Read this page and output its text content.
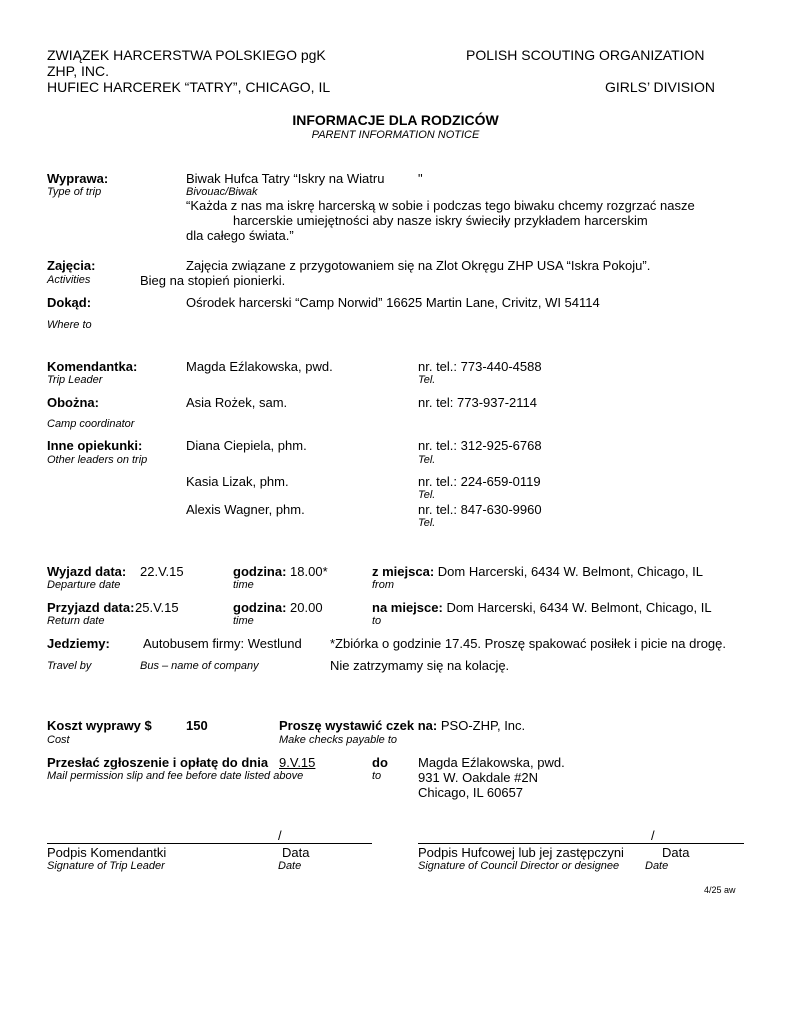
ZWIĄZEK HARCERSTWA POLSKIEGO pgK
ZHP, INC.
HUFIEC HARCEREK “TATRY”, CHICAGO, IL
POLISH SCOUTING ORGANIZATION
GIRLS’ DIVISION
INFORMACJE DLA RODZICÓW
PARENT INFORMATION NOTICE
Wyprawa:
Type of trip
Biwak Hufca Tatry “Iskry na Wiatru	"
Bivouac/Biwak
“Każda z nas ma iskrę harcerską w sobie i podczas tego biwaku chcemy rozgrzać nasze
harcerskie umiejętności aby nasze iskry świeciły przykładem harcerskim
dla całego świata.”
Zajęcia:
Activities
Zajęcia związane z przygotowaniem się na Zlot Okręgu ZHP USA “Iskra Pokoju”.
Bieg na stopień pionierki.
Dokąd:
Where to
Ośrodek harcerski “Camp Norwid” 16625 Martin Lane, Crivitz, WI 54114
Komendantka:
Trip Leader
Magda Eźlakowska, pwd.	nr. tel.: 773-440-4588
Tel.
Obożna:
Camp coordinator
Asia Rożek, sam.	nr. tel: 773-937-2114
Inne opiekunki:
Other leaders on trip
Diana Ciepiela, phm.	nr. tel.: 312-925-6768
Tel.
Kasia Lizak, phm.	nr. tel.: 224-659-0119
Tel.
Alexis Wagner, phm.	nr. tel.: 847-630-9960
Tel.
Wyjazd data:
Departure date
22.V.15	godzina: 18.00*
time
z miejsca: Dom Harcerski, 6434 W. Belmont, Chicago, IL
from
Przyjazd data:
Return date
25.V.15	godzina: 20.00
time
na miejsce: Dom Harcerski, 6434 W. Belmont, Chicago, IL
to
Jedziemy:
Travel by
Autobusem firmy: Westlund
Bus – name of company
*Zbiórka o godzinie 17.45. Proszę spakować posiłek i picie na drogę.
Nie zatrzymamy się na kolację.
Koszt wyprawy $
Cost
150	Proszę wystawić czek na: PSO-ZHP, Inc.
Make checks payable to
Przesłać zgłoszenie i opłatę do dnia 9.V.15
Mail permission slip and fee before date listed above
do
to
Magda Eźlakowska, pwd.
931 W. Oakdale #2N
Chicago, IL 60657
/
Podpis Komendantki
Signature of Trip Leader
Data
Date
/
Podpis Hufcowej lub jej zastępczyni
Signature of Council Director or designee
Data
Date
4/25 aw
